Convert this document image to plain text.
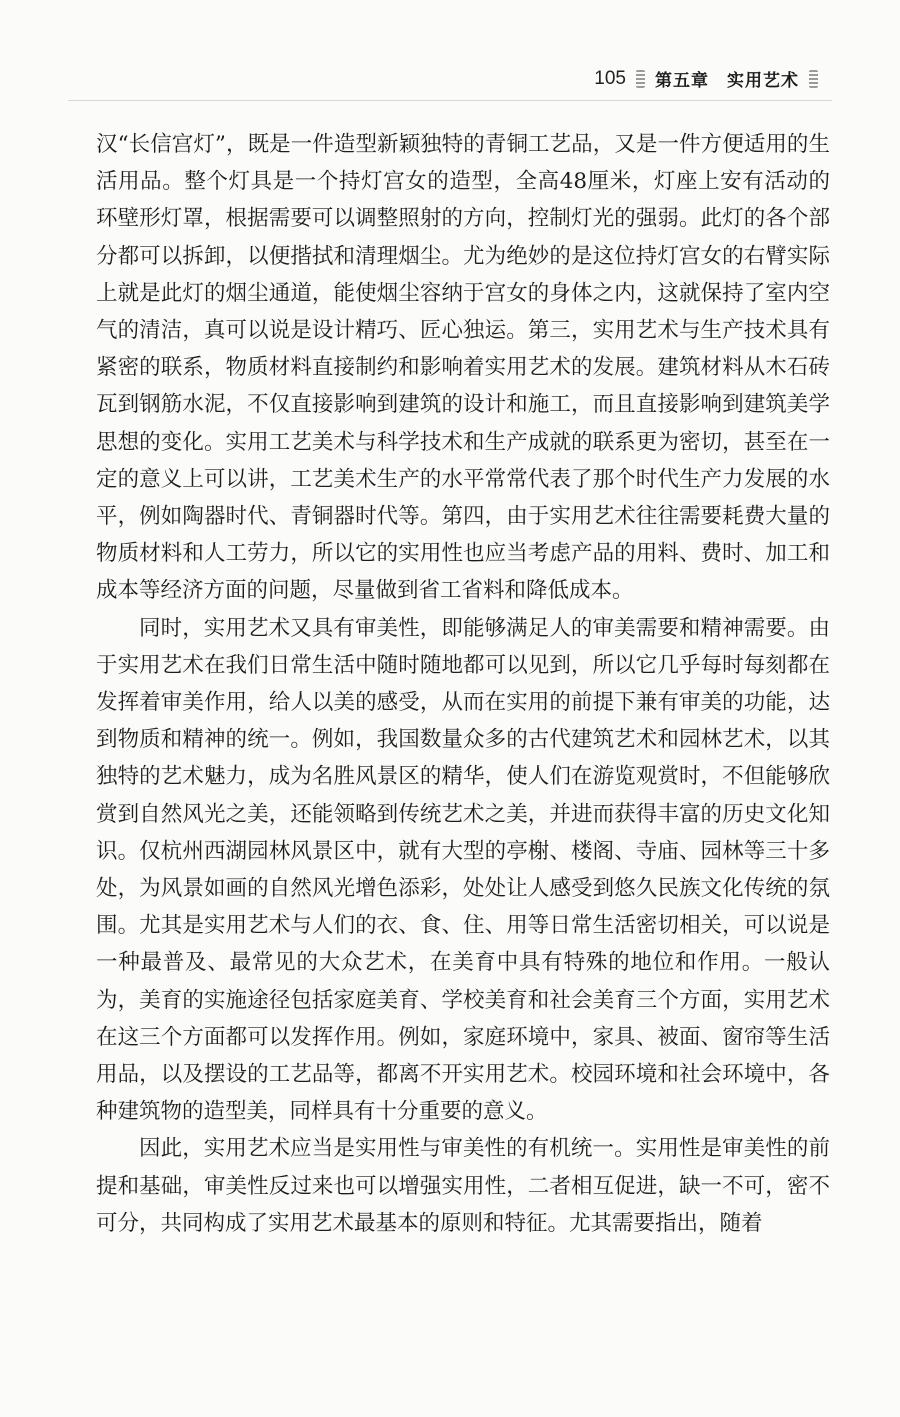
105 第五章　实用艺术

汉“长信宫灯”，既是一件造型新颖独特的青铜工艺品，又是一件方便适用的生活用品。整个灯具是一个持灯宫女的造型，全高48厘米，灯座上安有活动的环壁形灯罩，根据需要可以调整照射的方向，控制灯光的强弱。此灯的各个部分都可以拆卸，以便揩拭和清理烟尘。尤为绝妙的是这位持灯宫女的右臂实际上就是此灯的烟尘通道，能使烟尘容纳于宫女的身体之内，这就保持了室内空气的清洁，真可以说是设计精巧、匠心独运。第三，实用艺术与生产技术具有紧密的联系，物质材料直接制约和影响着实用艺术的发展。建筑材料从木石砖瓦到钢筋水泥，不仅直接影响到建筑的设计和施工，而且直接影响到建筑美学思想的变化。实用工艺美术与科学技术和生产成就的联系更为密切，甚至在一定的意义上可以讲，工艺美术生产的水平常常代表了那个时代生产力发展的水平，例如陶器时代、青铜器时代等。第四，由于实用艺术往往需要耗费大量的物质材料和人工劳力，所以它的实用性也应当考虑产品的用料、费时、加工和成本等经济方面的问题，尽量做到省工省料和降低成本。

同时，实用艺术又具有审美性，即能够满足人的审美需要和精神需要。由于实用艺术在我们日常生活中随时随地都可以见到，所以它几乎每时每刻都在发挥着审美作用，给人以美的感受，从而在实用的前提下兼有审美的功能，达到物质和精神的统一。例如，我国数量众多的古代建筑艺术和园林艺术，以其独特的艺术魅力，成为名胜风景区的精华，使人们在游览观赏时，不但能够欣赏到自然风光之美，还能领略到传统艺术之美，并进而获得丰富的历史文化知识。仅杭州西湖园林风景区中，就有大型的亭榭、楼阁、寺庙、园林等三十多处，为风景如画的自然风光增色添彩，处处让人感受到悠久民族文化传统的氛围。尤其是实用艺术与人们的衣、食、住、用等日常生活密切相关，可以说是一种最普及、最常见的大众艺术，在美育中具有特殊的地位和作用。一般认为，美育的实施途径包括家庭美育、学校美育和社会美育三个方面，实用艺术在这三个方面都可以发挥作用。例如，家庭环境中，家具、被面、窗帘等生活用品，以及摆设的工艺品等，都离不开实用艺术。校园环境和社会环境中，各种建筑物的造型美，同样具有十分重要的意义。

因此，实用艺术应当是实用性与审美性的有机统一。实用性是审美性的前提和基础，审美性反过来也可以增强实用性，二者相互促进，缺一不可，密不可分，共同构成了实用艺术最基本的原则和特征。尤其需要指出，随着
